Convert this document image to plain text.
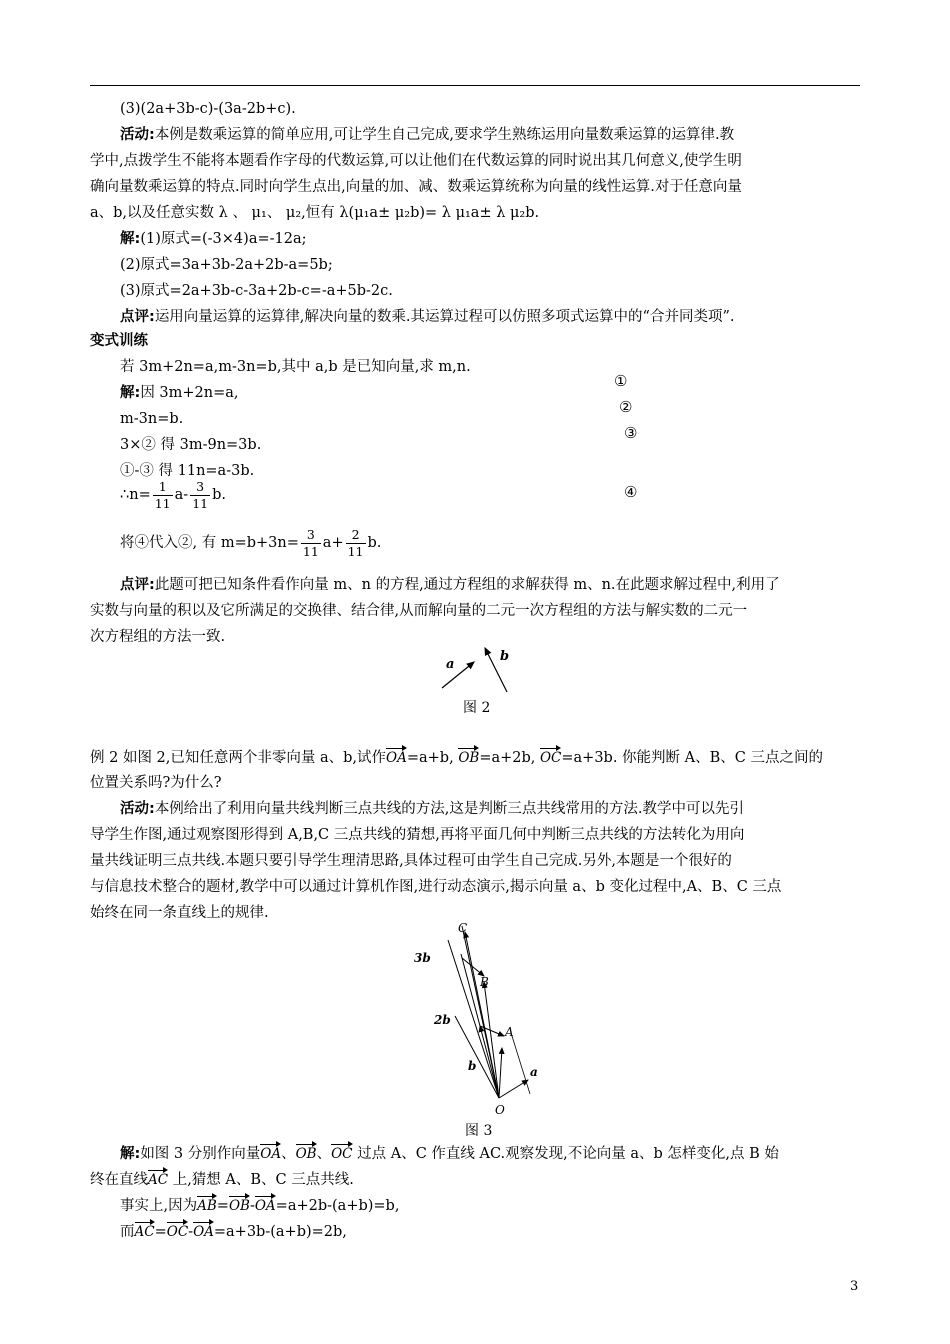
(3)(2a+3b-c)-(3a-2b+c).
活动:本例是数乘运算的简单应用,可让学生自己完成,要求学生熟练运用向量数乘运算的运算律.教
学中,点拨学生不能将本题看作字母的代数运算,可以让他们在代数运算的同时说出其几何意义,使学生明
确向量数乘运算的特点.同时向学生点出,向量的加、减、数乘运算统称为向量的线性运算.对于任意向量
a、b,以及任意实数 λ 、 μ₁、 μ₂,恒有 λ(μ₁a± μ₂b)= λ μ₁a± λ μ₂b.
解:(1)原式=(-3×4)a=-12a;
(2)原式=3a+3b-2a+2b-a=5b;
(3)原式=2a+3b-c-3a+2b-c=-a+5b-2c.
点评:运用向量运算的运算律,解决向量的数乘.其运算过程可以仿照多项式运算中的“合并同类项”.
变式训练
若 3m+2n=a,m-3n=b,其中 a,b 是已知向量,求 m,n.
解:因 3m+2n=a,
m-3n=b.
3×② 得 3m-9n=3b.
①-③ 得 11n=a-3b.
∴n= $\frac{1}{11} a- \frac{3}{11} b$.
将④代入②, 有 $m=b+3n= \frac{3}{11} a+ \frac{2}{11} b$.
①
②
③
④
点评:此题可把已知条件看作向量 m、n 的方程,通过方程组的求解获得 m、n.在此题求解过程中,利用了
实数与向量的积以及它所满足的交换律、结合律,从而解向量的二元一次方程组的方法与解实数的二元一
次方程组的方法一致.
a
b
图 2
例 2 如图 2,已知任意两个非零向量 a、b,试作OA=a+b, OB=a+2b, OC=a+3b. 你能判断 A、B、C 三点之间的
位置关系吗?为什么?
活动:本例给出了利用向量共线判断三点共线的方法,这是判断三点共线常用的方法.教学中可以先引
导学生作图,通过观察图形得到 A,B,C 三点共线的猜想,再将平面几何中判断三点共线的方法转化为用向
量共线证明三点共线.本题只要引导学生理清思路,具体过程可由学生自己完成.另外,本题是一个很好的
与信息技术整合的题材,教学中可以通过计算机作图,进行动态演示,揭示向量 a、b 变化过程中,A、B、C 三点
始终在同一条直线上的规律.
C
B
A
O
a
b
2b
3b
图 3
解:如图 3 分别作向量OA、OB、OC 过点 A、C 作直线 AC.观察发现,不论向量 a、b 怎样变化,点 B 始
终在直线AC 上,猜想 A、B、C 三点共线.
事实上,因为AB=OB-OA=a+2b-(a+b)=b,
而AC=OC-OA=a+3b-(a+b)=2b,
3
